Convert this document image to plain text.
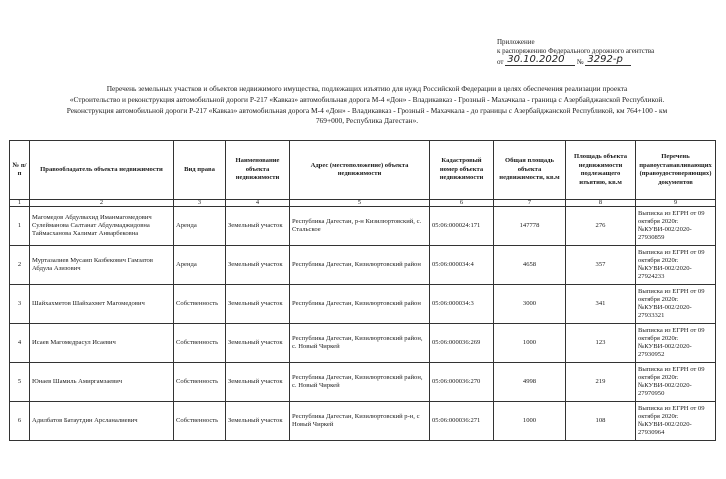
Приложение
к распоряжению Федерального дорожного агентства
от
30.10.2020
	№
3292-р
Перечень земельных участков и объектов недвижимого имущества, подлежащих изъятию для нужд Российской Федерации в целях обеспечения реализации проекта
«Строительство и реконструкция автомобильной дороги Р-217 «Кавказ» автомобильная дорога М-4 «Дон» - Владикавказ - Грозный - Махачкала - граница с Азербайджанской Республикой.
Реконструкция автомобильной дороги Р-217 «Кавказ» автомобильная дорога М-4 «Дон» - Владикавказ - Грозный - Махачкала - до границы с Азербайджанской Республикой, км 764+100 - км
769+000, Республика Дагестан».
№ п/п	Правообладатель объекта недвижимости	Вид права	Наименование объекта недвижимости	Адрес (местоположение) объекта недвижимости	Кадастровый номер объекта недвижимости	Общая площадь объекта недвижимости, кв.м	Площадь объекта недвижимости подлежащего изъятию, кв.м	Перечень правоустанавливающих (правоудостоверяющих) документов
1	2	3	4	5	6	7	8	9
1	Магомедов Абдулвахид Иманмагомедович Сулейманова Салтанат Абдулмаджидовна Таймасханова Халимат Анварбековна	Аренда	Земельный участок	Республика Дагестан, р-н Кизилюртовский, с. Стальское	05:06:000024:171	147778	276	Выписка из ЕГРН от 09 октября 2020г. №КУВИ-002/2020-27930859
2	Муртазалиев Мусаип Казбекович Гамзатов Абдула Азизович	Аренда	Земельный участок	Республика Дагестан, Кизилюртовский район	05:06:000034:4	4658	357	Выписка из ЕГРН от 09 октября 2020г. №КУВИ-002/2020-27924233
3	Шайхахметов Шайхахмет Магомедович	Собственность	Земельный участок	Республика Дагестан, Кизилюртовский район	05:06:000034:3	3000	341	Выписка из ЕГРН от 09 октября 2020г. №КУВИ-002/2020-27933321
4	Исаев Магомедрасул Исаевич	Собственность	Земельный участок	Республика Дагестан, Кизилюртовский район, с. Новый Чиркей	05:06:000036:269	1000	123	Выписка из ЕГРН от 09 октября 2020г. №КУВИ-002/2020-27930952
5	Юнаев Шамиль Амиргамзаевич	Собственность	Земельный участок	Республика Дагестан, Кизилюртовский район, с. Новый Чиркей	05:06:000036:270	4998	219	Выписка из ЕГРН от 09 октября 2020г. №КУВИ-002/2020-27970950
6	Адилбатов Батаутдин Арсланалиевич	Собственность	Земельный участок	Республика Дагестан, Кизилюртовский р-н, с Новый Чиркей	05:06:000036:271	1000	108	Выписка из ЕГРН от 09 октября 2020г. №КУВИ-002/2020-27930964
